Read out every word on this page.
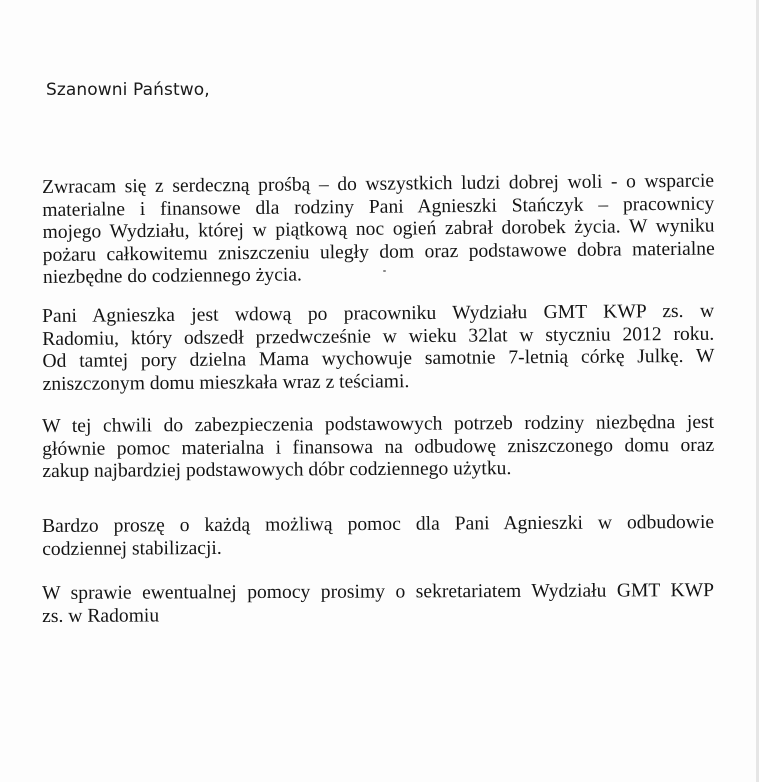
Szanowni Państwo,

Zwracam się z serdeczną prośbą – do wszystkich ludzi dobrej woli - o wsparcie
materialne i finansowe dla rodziny Pani Agnieszki Stańczyk – pracownicy
mojego Wydziału, której w piątkową noc ogień zabrał dorobek życia. W wyniku
pożaru całkowitemu zniszczeniu uległy dom oraz podstawowe dobra materialne
niezbędne do codziennego życia.

Pani Agnieszka jest wdową po pracowniku Wydziału GMT KWP zs. w
Radomiu, który odszedł przedwcześnie w wieku 32lat w styczniu 2012 roku.
Od tamtej pory dzielna Mama wychowuje samotnie 7-letnią córkę Julkę. W
zniszczonym domu mieszkała wraz z teściami.

W tej chwili do zabezpieczenia podstawowych potrzeb rodziny niezbędna jest
głównie pomoc materialna i finansowa na odbudowę zniszczonego domu oraz
zakup najbardziej podstawowych dóbr codziennego użytku.

Bardzo proszę o każdą możliwą pomoc dla Pani Agnieszki w odbudowie
codziennej stabilizacji.

W sprawie ewentualnej pomocy prosimy o sekretariatem Wydziału GMT KWP
zs. w Radomiu
